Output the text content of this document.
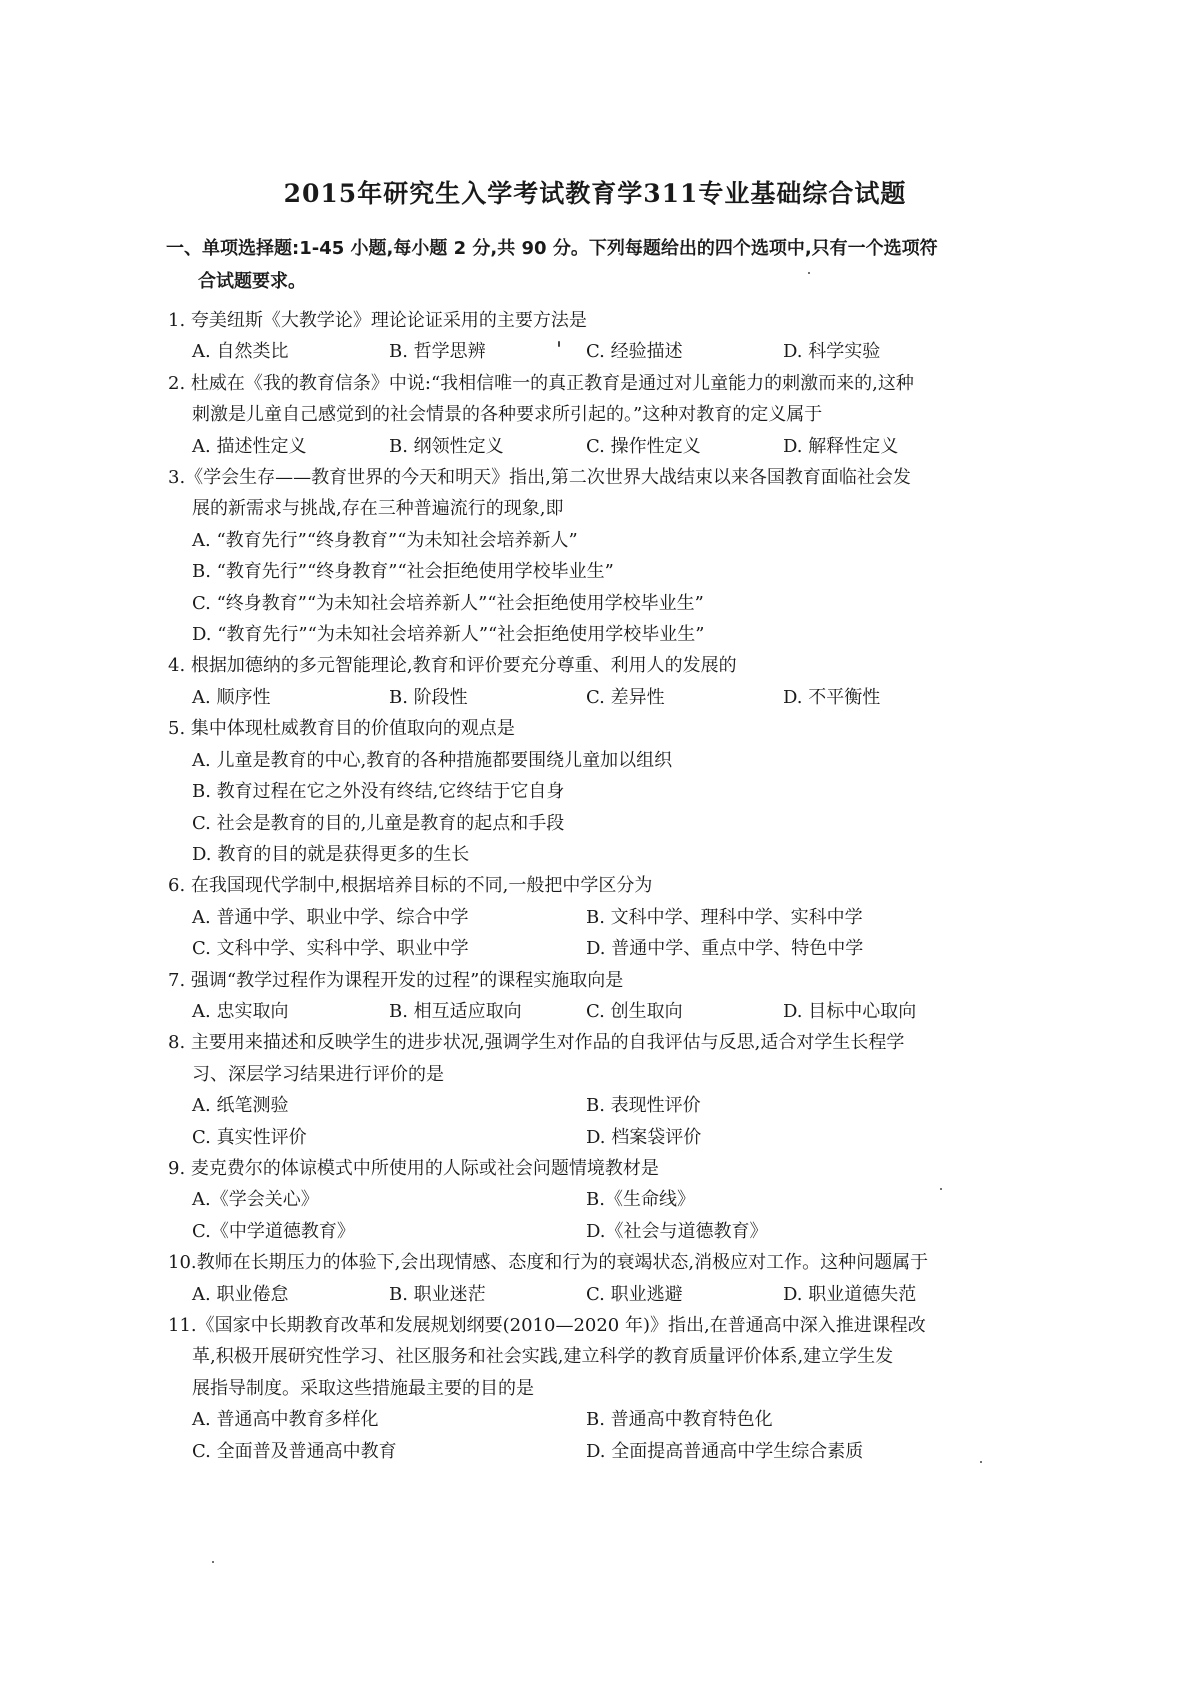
2015年研究生入学考试教育学311专业基础综合试题
一、单项选择题:1-45 小题,每小题 2 分,共 90 分。下列每题给出的四个选项中,只有一个选项符
合试题要求。
1. 夸美纽斯《大教学论》理论论证采用的主要方法是
A. 自然类比	B. 哲学思辨	C. 经验描述	D. 科学实验
2. 杜威在《我的教育信条》中说:“我相信唯一的真正教育是通过对儿童能力的刺激而来的,这种
刺激是儿童自己感觉到的社会情景的各种要求所引起的。”这种对教育的定义属于
A. 描述性定义	B. 纲领性定义	C. 操作性定义	D. 解释性定义
3.《学会生存——教育世界的今天和明天》指出,第二次世界大战结束以来各国教育面临社会发
展的新需求与挑战,存在三种普遍流行的现象,即
A. “教育先行”“终身教育”“为未知社会培养新人”
B. “教育先行”“终身教育”“社会拒绝使用学校毕业生”
C. “终身教育”“为未知社会培养新人”“社会拒绝使用学校毕业生”
D. “教育先行”“为未知社会培养新人”“社会拒绝使用学校毕业生”
4. 根据加德纳的多元智能理论,教育和评价要充分尊重、利用人的发展的
A. 顺序性	B. 阶段性	C. 差异性	D. 不平衡性
5. 集中体现杜威教育目的价值取向的观点是
A. 儿童是教育的中心,教育的各种措施都要围绕儿童加以组织
B. 教育过程在它之外没有终结,它终结于它自身
C. 社会是教育的目的,儿童是教育的起点和手段
D. 教育的目的就是获得更多的生长
6. 在我国现代学制中,根据培养目标的不同,一般把中学区分为
A. 普通中学、职业中学、综合中学	B. 文科中学、理科中学、实科中学
C. 文科中学、实科中学、职业中学	D. 普通中学、重点中学、特色中学
7. 强调“教学过程作为课程开发的过程”的课程实施取向是
A. 忠实取向	B. 相互适应取向	C. 创生取向	D. 目标中心取向
8. 主要用来描述和反映学生的进步状况,强调学生对作品的自我评估与反思,适合对学生长程学
习、深层学习结果进行评价的是
A. 纸笔测验	B. 表现性评价
C. 真实性评价	D. 档案袋评价
9. 麦克费尔的体谅模式中所使用的人际或社会问题情境教材是
A.《学会关心》	B.《生命线》
C.《中学道德教育》	D.《社会与道德教育》
10.教师在长期压力的体验下,会出现情感、态度和行为的衰竭状态,消极应对工作。这种问题属于
A. 职业倦怠	B. 职业迷茫	C. 职业逃避	D. 职业道德失范
11.《国家中长期教育改革和发展规划纲要(2010—2020 年)》指出,在普通高中深入推进课程改
革,积极开展研究性学习、社区服务和社会实践,建立科学的教育质量评价体系,建立学生发
展指导制度。采取这些措施最主要的目的是
A. 普通高中教育多样化	B. 普通高中教育特色化
C. 全面普及普通高中教育	D. 全面提高普通高中学生综合素质
